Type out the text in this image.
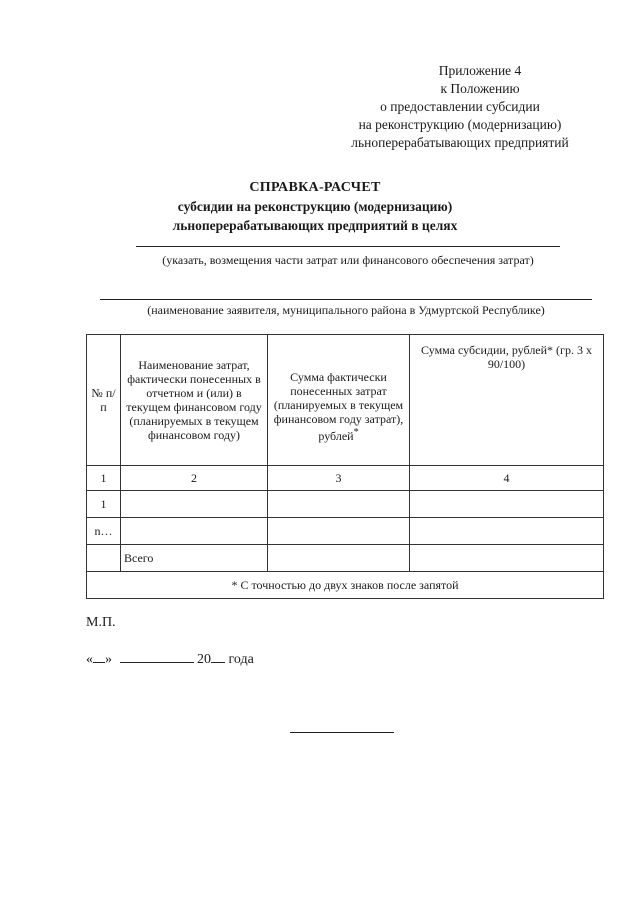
Приложение 4
к Положению
о предоставлении субсидии
на реконструкцию (модернизацию)
льноперерабатывающих предприятий
СПРАВКА-РАСЧЕТ
субсидии на реконструкцию (модернизацию)
льноперерабатывающих предприятий в целях
(указать, возмещения части затрат или финансового обеспечения затрат)
(наименование заявителя, муниципального района в Удмуртской Республике)
№ п/п	Наименование затрат, фактически понесенных в отчетном и (или) в текущем финансовом году (планируемых в текущем финансовом году)	Сумма фактически понесенных затрат (планируемых в текущем финансовом году затрат), рублей*	Сумма субсидии, рублей* (гр. 3 х 90/100)
1	2	3	4
1			
n…			
	Всего		
* С точностью до двух знаков после запятой			
М.П.
« »	20 года
